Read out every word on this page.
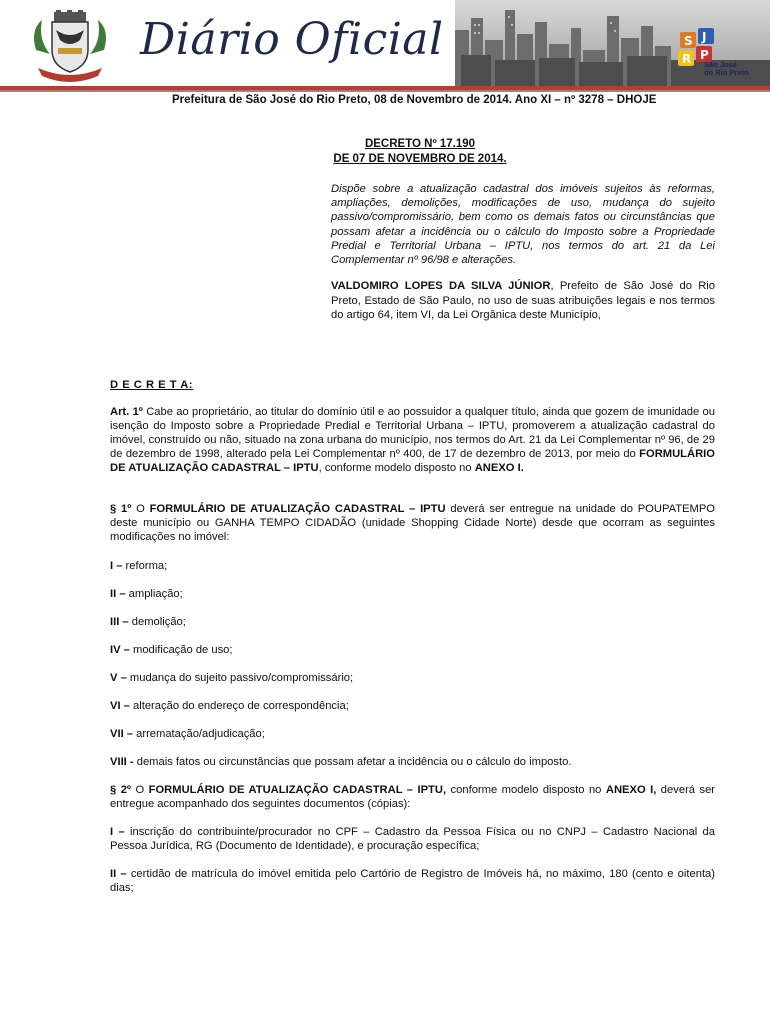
Diário Oficial	S J
R P
São José
do Rio Preto
Prefeitura de São José do Rio Preto, 08 de Novembro de 2014. Ano XI – nº 3278 – DHOJE
DECRETO Nº 17.190
DE 07 DE NOVEMBRO DE 2014.
Dispõe sobre a atualização cadastral dos imóveis sujeitos às reformas, ampliações, demolições, modificações de uso, mudança do sujeito passivo/compromissário, bem como os demais fatos ou circunstâncias que possam afetar a incidência ou o cálculo do Imposto sobre a Propriedade Predial e Territorial Urbana – IPTU, nos termos do art. 21 da Lei Complementar nº 96/98 e alterações.
VALDOMIRO LOPES DA SILVA JÚNIOR, Prefeito de São José do Rio Preto, Estado de São Paulo, no uso de suas atribuições legais e nos termos do artigo 64, item VI, da Lei Orgânica deste Município,
D E C R E T A:
Art. 1º Cabe ao proprietário, ao titular do domínio útil e ao possuidor a qualquer título, ainda que gozem de imunidade ou isenção do Imposto sobre a Propriedade Predial e Territorial Urbana – IPTU, promoverem a atualização cadastral do imóvel, construído ou não, situado na zona urbana do município, nos termos do Art. 21 da Lei Complementar nº 96, de 29 de dezembro de 1998, alterado pela Lei Complementar nº 400, de 17 de dezembro de 2013, por meio do FORMULÁRIO DE ATUALIZAÇÃO CADASTRAL – IPTU, conforme modelo disposto no ANEXO I.
§ 1º O FORMULÁRIO DE ATUALIZAÇÃO CADASTRAL – IPTU deverá ser entregue na unidade do POUPATEMPO deste município ou GANHA TEMPO CIDADÃO (unidade Shopping Cidade Norte) desde que ocorram as seguintes modificações no imóvel:
I – reforma;
II – ampliação;
III – demolição;
IV – modificação de uso;
V – mudança do sujeito passivo/compromissário;
VI – alteração do endereço de correspondência;
VII – arrematação/adjudicação;
VIII - demais fatos ou circunstâncias que possam afetar a incidência ou o cálculo do imposto.
§ 2º O FORMULÁRIO DE ATUALIZAÇÃO CADASTRAL – IPTU, conforme modelo disposto no ANEXO I, deverá ser entregue acompanhado dos seguintes documentos (cópias):
I – inscrição do contribuinte/procurador no CPF – Cadastro da Pessoa Física ou no CNPJ – Cadastro Nacional da Pessoa Jurídica, RG (Documento de Identidade), e procuração específica;
II – certidão de matrícula do imóvel emitida pelo Cartório de Registro de Imóveis há, no máximo, 180 (cento e oitenta) dias;
